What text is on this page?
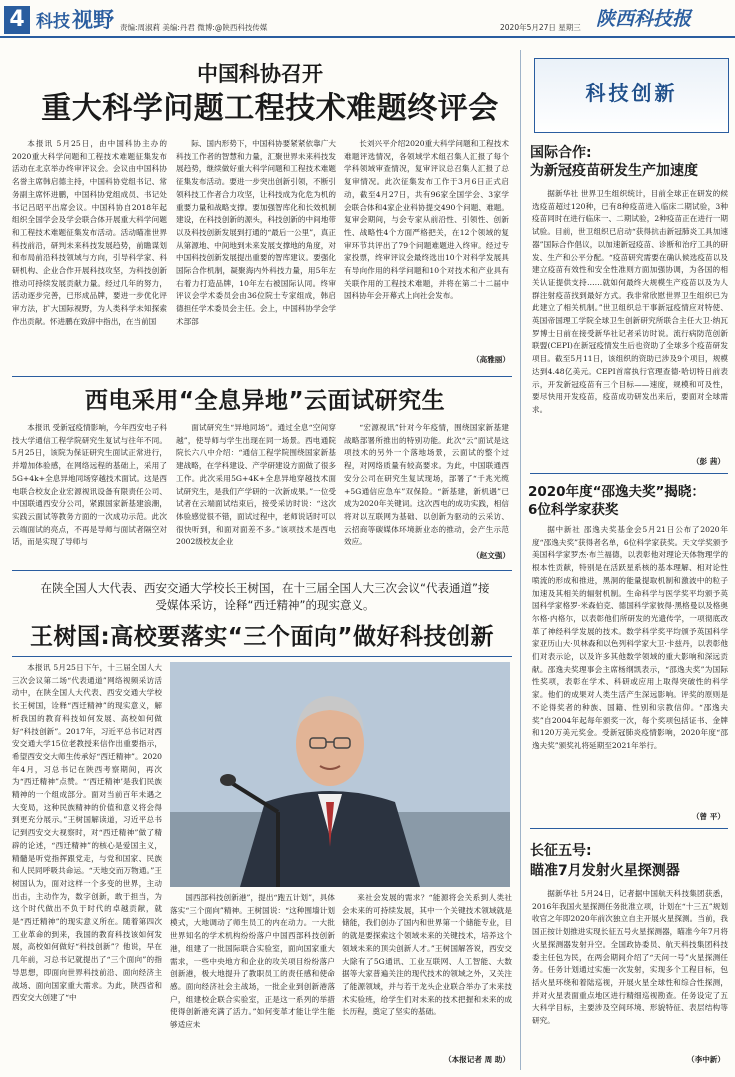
4 科技视野 责编:周淑莉 美编:丹君 微博:@陕西科技传媒	2020年5月27日 星期三 陕西科技报
中国科协召开
重大科学问题工程技术难题终评会

本报讯 5月25日，由中国科协主办的2020重大科学问题和工程技术难题征集发布活动在北京举办终审评议会。会议由中国科协名誉主席韩启德主持，中国科协党组书记、常务副主席怀进鹏，中国科协党组成员、书记处书记吕昭平出席会议。中国科协自2018年起组织全国学会及学会联合体开展重大科学问题和工程技术难题征集发布活动。活动瞄准世界科技前沿，研判未来科技发展趋势，前瞻谋划和布局前沿科技领域与方向，引导科学家、科研机构、企业合作开展科技攻坚，为科技创新推动可持续发展贡献力量。经过几年的努力，活动逐步完善，已形成品牌，要进一步优化评审方法，扩大国际视野，为人类科学未知探索作出贡献。怀进鹏在致辞中指出，在当前国

际、国内形势下，中国科协要紧紧依靠广大科技工作者的智慧和力量，汇聚世界未来科技发展趋势，继续做好重大科学问题和工程技术难题征集发布活动。要进一步突出创新引领，不断引领科技工作者合力攻坚，让科技成为化危为机的重要力量和战略支撑。要加强智库化和长效机制建设，在科技创新的源头，科技创新的中间地带以及科技创新发展到打通的“最后一公里”，真正从第源地、中间地到未来发展支撑地的角度，对中国科技创新发展提出重要的智库建议。要强化国际合作机制，凝聚海内外科技力量，用5年左右着力打造品牌，10年左右被国际认同。终审评议会学术委员会由36位院士专家组成，韩启德担任学术委员会主任。会上，中国科协学会学术部部

长刘兴平介绍2020重大科学问题和工程技术难题评选情况，各领域学术组召集人汇报了每个学科领域审查情况，复审评议总召集人汇报了总复审情况。此次征集发布工作于3月6日正式启动，截至4月27日，共有96家全国学会、3家学会联合体和4家企业科协提交490个问题、难题。复审会期间，与会专家从前沿性、引领性、创新性、战略性4个方面严格把关，在12个领域的复审环节共评出了79个问题难题进入终审。经过专家投票，终审评议会最终选出10个对科学发展具有导向作用的科学问题和10个对技术和产业具有关联作用的工程技术难题，并将在第二十二届中国科协年会开幕式上向社会发布。

（高雅丽）
科技创新
国际合作:
为新冠疫苗研发生产加速度

据新华社 世界卫生组织统计，目前全球正在研发的候选疫苗超过120种，已有8种疫苗进入临床二期试验，3种疫苗同时在进行临床一、二期试验，2种疫苗正在进行一期试验。目前，世卫组织已启动“获得抗击新冠肺炎工具加速器”国际合作倡议，以加速新冠疫苗、诊断和治疗工具的研发、生产和公平分配。“疫苗研究需要在确认候选疫苗以及建立疫苗有效性和安全性准则方面加强协调，为各国的相关认证提供支持……就如何最终大规模生产疫苗以及为人群注射疫苗找到最好方式。我非常欣慰世界卫生组织已为此建立了相关机制。”世卫组织总干事新冠疫情应对特使、英国帝国理工学院全球卫生创新研究所联合主任大卫·纳瓦罗博士日前在接受新华社记者采访时说。流行病防范创新联盟(CEPI)在新冠疫情发生后也资助了全球多个疫苗研发项目。截至5月11日，该组织的资助已涉及9个项目，规模达到4.48亿美元。CEPI首席执行官理查德·哈切特日前表示，开发新冠疫苗有三个目标——速度，规模和可及性，要尽快用开发疫苗，疫苗成功研发出来后，要面对全球需求。

（彭 茜）
西电采用“全息异地”云面试研究生

本报讯 受新冠疫情影响，今年西安电子科技大学通信工程学院研究生复试与往年不同。5月25日，该院为保证研究生面试正常进行，并增加体验感，在网络远程的基础上，采用了5G+4k+全息异地同场穿越技术面试。这是西电联合校友企业宏源视讯设备有限责任公司、中国联通西安分公司，紧跟国家新基建浪潮，实践云面试等教务方面的一次成功示范。此次云端面试的亮点，不再是导师与面试者隔空对话，而是实现了导师与

面试研究生“异地同场”。通过全息“空间穿越”，使导师与学生出现在同一场景。西电通院院长六八中介绍：“通信工程学院围绕国家新基建战略，在学科建设、产学研建设方面做了很多工作。此次采用5G+4K+全息异地穿越技术面试研究生，是我们产学研的一次新成果。”一位受试者在云端面试结束后，接受采访时说：“这次体验感觉很不错，面试过程中，老师说话时可以很快听到，和面对面差不多。”该项技术是西电2002级校友企业

“宏源视讯”针对今年疫情，围绕国家新基建战略部署所推出的特别功能。此次“云”面试是这项技术的另外一个落地场景，云面试的整个过程，对网络质量有较高要求。为此，中国联通西安分公司在研究生复试现场，部署了“千兆光缆+5G通信应急车”双保险。“新基建，新机遇”已成为2020年关键词。这次西电的成功实践，相信将对以互联网为基础、以创新为驱动的云采访、云招商等碳媒体环境新业态的推动，会产生示范效应。

（赵文强）
2020年度“邵逸夫奖”揭晓：
6位科学家获奖

据中新社 邵逸夫奖基金会5月21日公布了2020年度“邵逸夫奖”获得者名单，6位科学家获奖。天文学奖颁予美国科学家罗杰·布兰福德，以表彰他对理论天体物理学的根本性贡献，特别是在活跃星系核的基本理解、相对论性喷流的形成和推进，黑洞的能量提取机制和激波中的粒子加速及其相关的辐射机制。生命科学与医学奖平均颁予英国科学家格罗·米森伯克、德国科学家彼得·黑格曼以及格奥尔格·内格尔，以表彰他们所研发的光遗传学，一项彻底改革了神经科学发展的技术。数学科学奖平均颁予英国科学家亚历山大·贝林森和以色列科学家大卫·卡兹丹，以表彰他们对表示论，以及许多其他数学领域的重大影响和深远贡献。邵逸夫奖理事会主席杨纲凯表示，“邵逸夫奖”为国际性奖项，表彰在学术、科研或应用上取得突破性的科学家。他们的成果对人类生活产生深远影响。评奖的原则是不论得奖者的种族、国籍、性别和宗教信仰。“邵逸夫奖”自2004年起每年颁奖一次，每个奖项包括证书、金牌和120万美元奖金。受新冠肺炎疫情影响，2020年度“邵逸夫奖”颁奖礼将延期至2021年举行。

（曾 平）
在陕全国人大代表、西安交通大学校长王树国，在十三届全国人大三次会议“代表通道”接受媒体采访，诠释“西迁精神”的现实意义。
王树国:高校要落实“三个面向”做好科技创新

本报讯 5月25日下午，十三届全国人大三次会议第二场“代表通道”网络视频采访活动中，在陕全国人大代表、西安交通大学校长王树国，诠释“西迁精神”的现实意义，解析我国的教育科技如何发展、高校如何做好“科技创新”。2017年，习近平总书记对西安交通大学15位老教授来信作出重要指示，希望西安交大师生传承好“西迁精神”。2020年4月，习总书记在陕西考察期间，再次为“西迁精神”点赞。“‘西迁精神’是我们民族精神的一个组成部分。面对当前百年未遇之大变局，这种民族精神的价值和意义将会得到更充分展示。”王树国解读道，习近平总书记到西安交大视察时，对“西迁精神”做了精辟的论述，“西迁精神”的核心是爱国主义，精髓是听党指挥跟党走，与党和国家、民族和人民同呼吸共命运。“天地交而万物通。”王树国认为，面对这样一个多变的世界，主动出击，主动作为，数字创新，敢于担当，为这个时代做出不负于时代的卓越贡献，就是“西迁精神”的现实意义所在。随着第四次工业革命的到来，我国的教育科技该如何发展，高校如何做好“科技创新”？他说，早在几年前，习总书记就提出了“三个面向”的指导思想，即面向世界科技前沿、面向经济主战场、面向国家重大需求。为此，陕西省和西安交大创建了“中

国西部科技创新港”，提出“跑五计划”，具体落实“三个面向”精神。王树国说：“这种围墙计划模式，大地调动了师生员工的内在动力。一大批世界知名的学术机构纷纷落户中国西部科技创新港，组建了一批国际联合实验室，面向国家重大需求，一些中央地方和企业的攻关项目纷纷落户创新港，极大地提升了教职员工的责任感和使命感。面向经济社会主战场，一批企业到创新港落户，组建校企联合实验室，正是这一系列的举措使得创新港充满了活力。”如何变革才能让学生能够适应未

来社会发展的需求？“能源将会关系到人类社会未来的可持续发展，其中一个关键技术领域就是储能，我们创办了国内和世界第一个储能专业，目的就是要探索这个领域未来的关键技术，培养这个领域未来的顶尖创新人才。”王树国解答说，西安交大除有了5G通讯、工业互联网、人工智能、大数据等大家普遍关注的现代技术的领域之外，又关注了能源领域，并与若干龙头企业联合举办了未来技术实验班，给学生们对未来的技术把握和未来的成长历程，奠定了坚实的基础。

（本报记者 周 助）
长征五号:
瞄准7月发射火星探测器

据新华社 5月24日，记者据中国航天科技集团获悉，2016年我国火星探测任务批准立项，计划在“十三五”规划收官之年即2020年前次独立自主开展火星探测。当前，我国正按计划推进实现长征五号火星探测器，瞄准今年7月将火星探测器发射升空。全国政协委员、航天科技集团科技委主任包为民，在两会期间介绍了“天问一号”火星探测任务。任务计划通过实施一次发射，实现多个工程目标，包括火星环绕和着陆巡视，开展火星全球性和综合性探测，并对火星表面重点地区进行精细巡视勘查。任务设定了五大科学目标，主要涉及空间环境、形貌特征、表层结构等研究。

（李中新）
